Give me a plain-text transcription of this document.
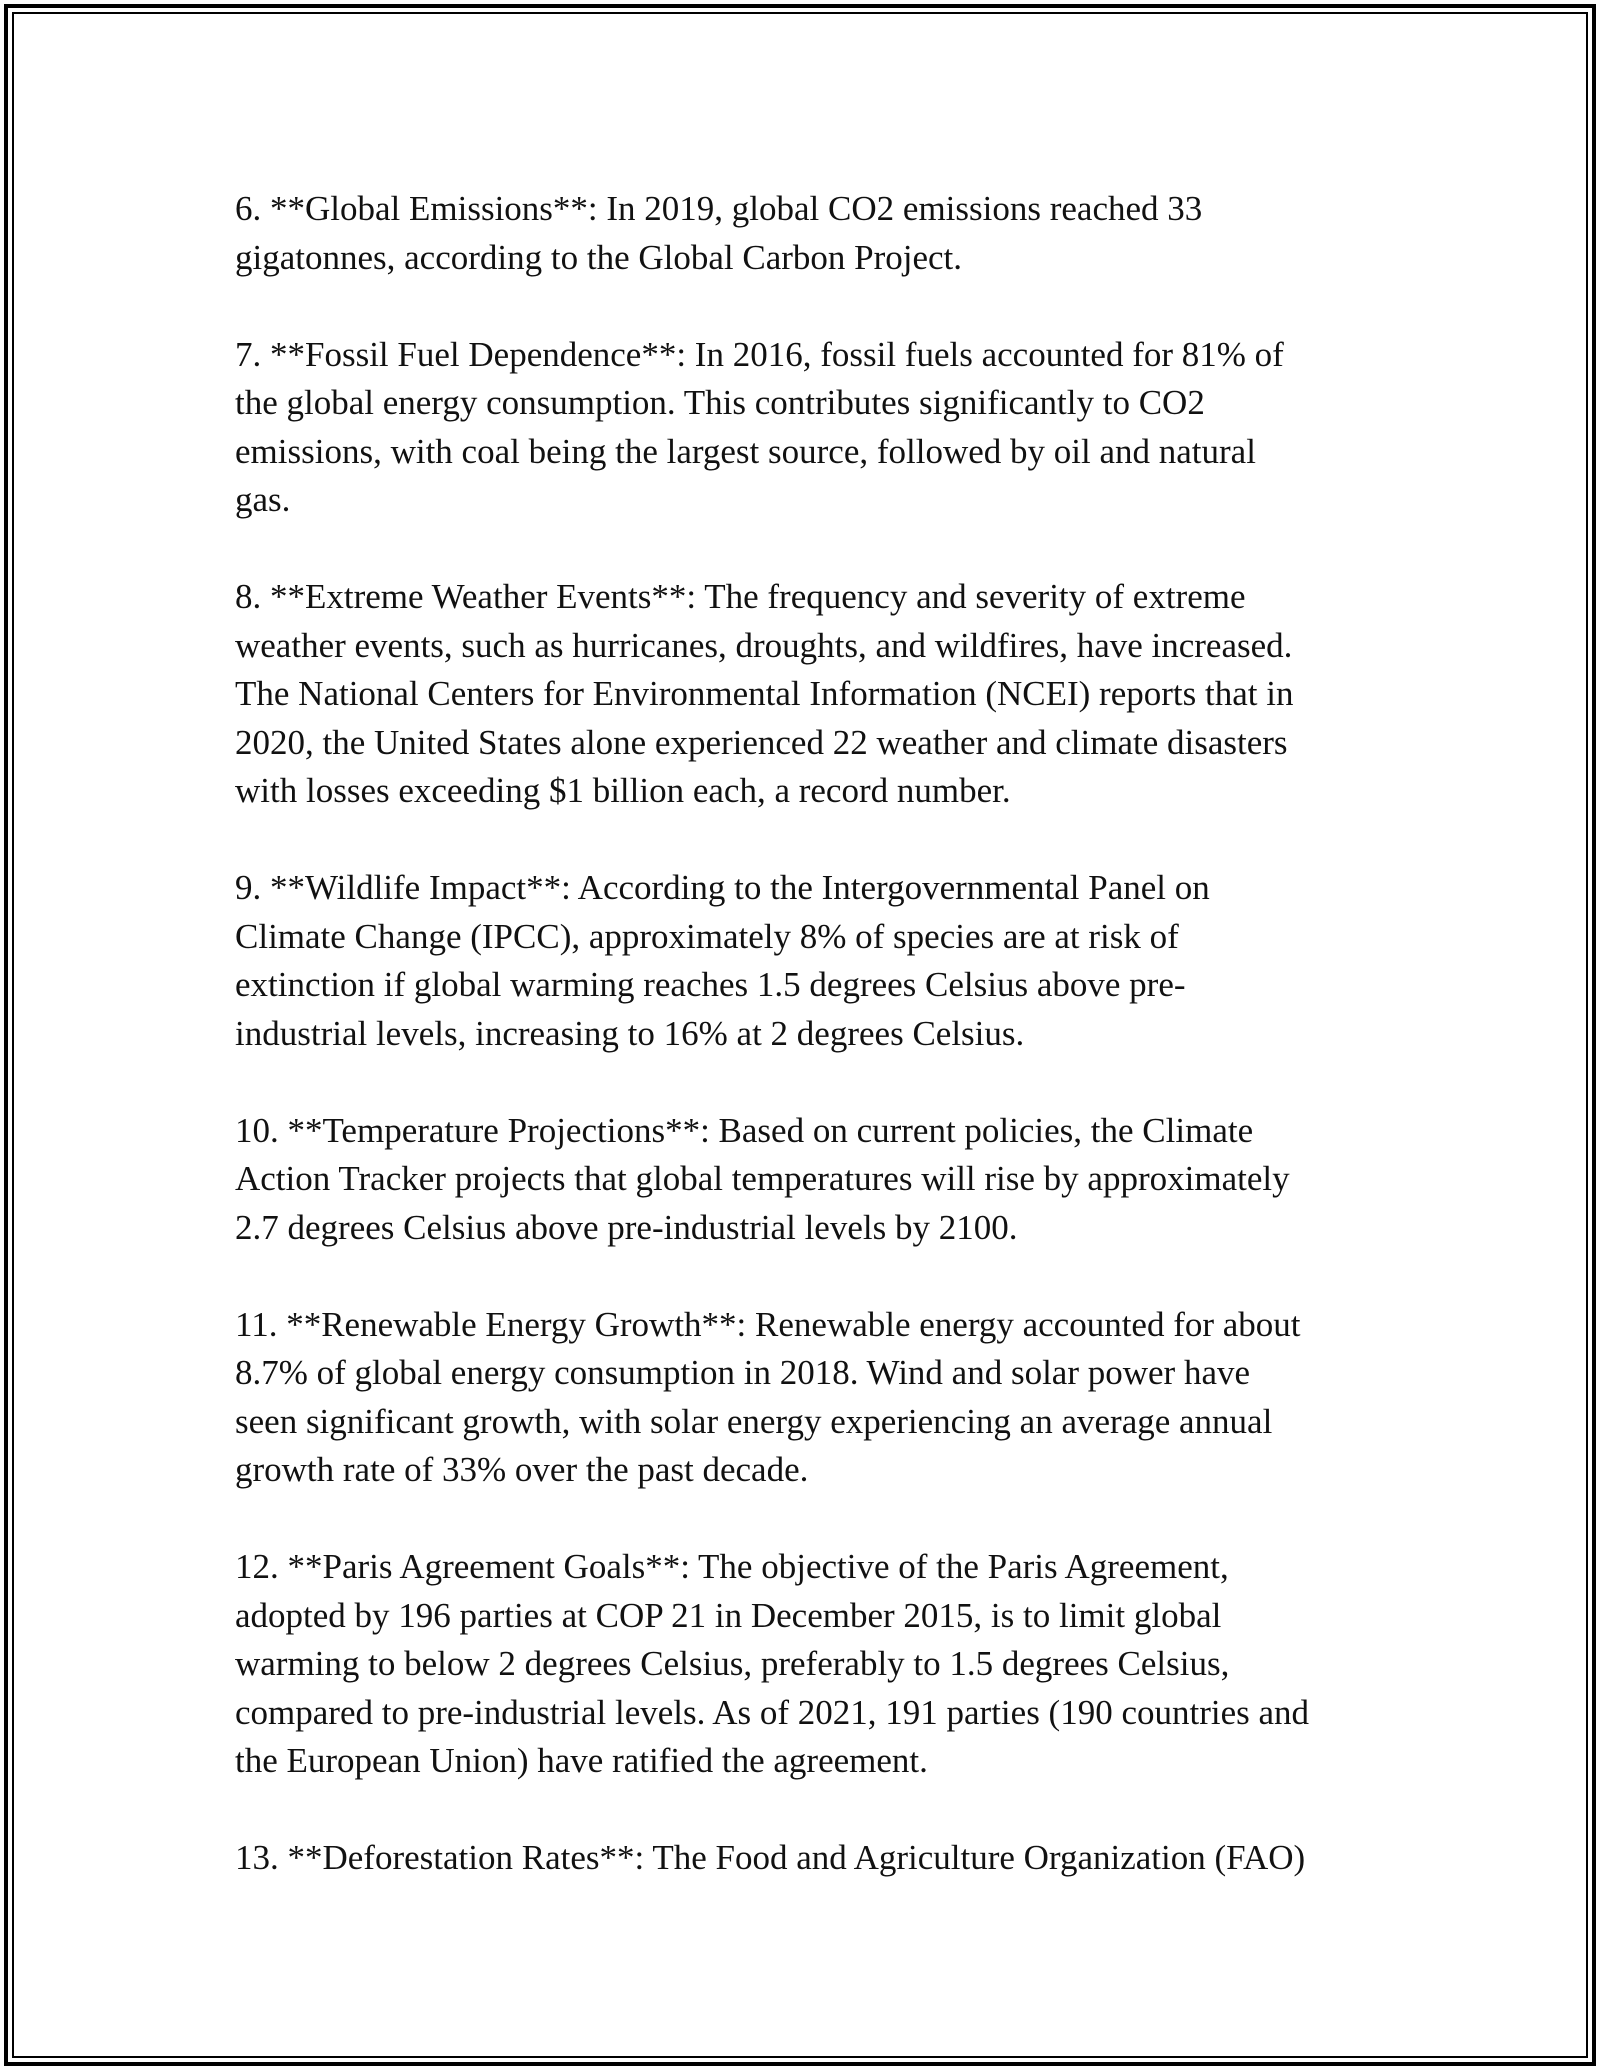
6. **Global Emissions**: In 2019, global CO2 emissions reached 33
gigatonnes, according to the Global Carbon Project.

7. **Fossil Fuel Dependence**: In 2016, fossil fuels accounted for 81% of
the global energy consumption. This contributes significantly to CO2
emissions, with coal being the largest source, followed by oil and natural
gas.

8. **Extreme Weather Events**: The frequency and severity of extreme
weather events, such as hurricanes, droughts, and wildfires, have increased.
The National Centers for Environmental Information (NCEI) reports that in
2020, the United States alone experienced 22 weather and climate disasters
with losses exceeding $1 billion each, a record number.

9. **Wildlife Impact**: According to the Intergovernmental Panel on
Climate Change (IPCC), approximately 8% of species are at risk of
extinction if global warming reaches 1.5 degrees Celsius above pre-
industrial levels, increasing to 16% at 2 degrees Celsius.

10. **Temperature Projections**: Based on current policies, the Climate
Action Tracker projects that global temperatures will rise by approximately
2.7 degrees Celsius above pre-industrial levels by 2100.

11. **Renewable Energy Growth**: Renewable energy accounted for about
8.7% of global energy consumption in 2018. Wind and solar power have
seen significant growth, with solar energy experiencing an average annual
growth rate of 33% over the past decade.

12. **Paris Agreement Goals**: The objective of the Paris Agreement,
adopted by 196 parties at COP 21 in December 2015, is to limit global
warming to below 2 degrees Celsius, preferably to 1.5 degrees Celsius,
compared to pre-industrial levels. As of 2021, 191 parties (190 countries and
the European Union) have ratified the agreement.

13. **Deforestation Rates**: The Food and Agriculture Organization (FAO)
